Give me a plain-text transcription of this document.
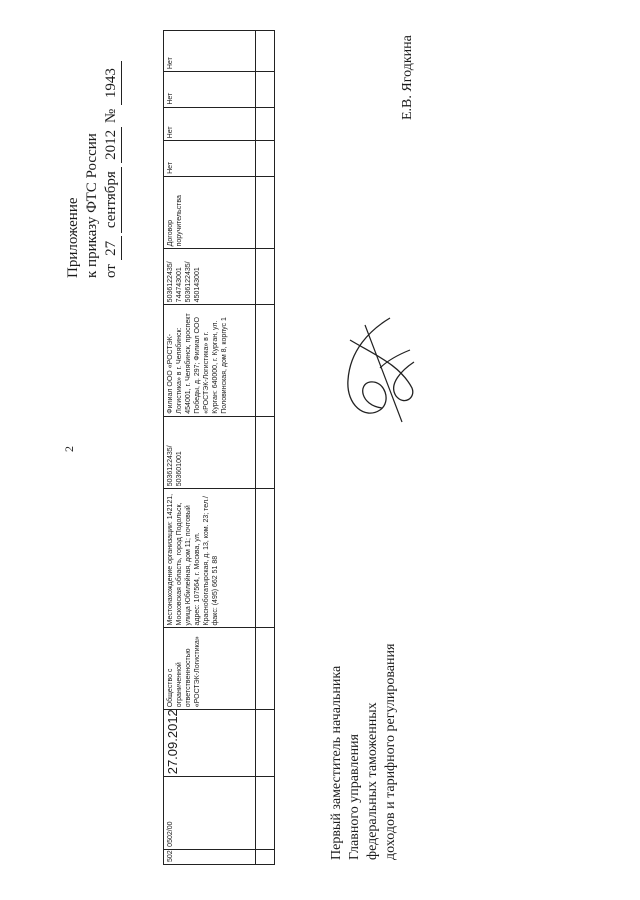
2
Приложение к приказу ФТС России от 27 сентября 2012 № 1943
502
0502/00
27.09.2012
Общество с ограниченной ответственностью «РОСТЭК-Логистика»
Местонахождение организации: 142121, Московская область, город Подольск, улица Юбилейная, дом 11; почтовый адрес: 107564, г. Москва, ул. Краснобогатырская, д. 13, ком. 23; тел./факс: (495) 662 51 88
5036122435/ 503601001
Филиал ООО «РОСТЭК-Логистика» в г. Челябинск: 454001, г. Челябинск, проспект Победы, д. 297; Филиал ООО «РОСТЭК-Логистика» в г. Курган: 640000, г. Курган, ул. Половинская, дом 8, корпус 1
5036122435/ 744743001 5036122435/ 450143001
Договор поручительства
Нет
Нет
Нет
Нет
Первый заместитель начальника Главного управления федеральных таможенных доходов и тарифного регулирования
Е.В. Ягодкина
